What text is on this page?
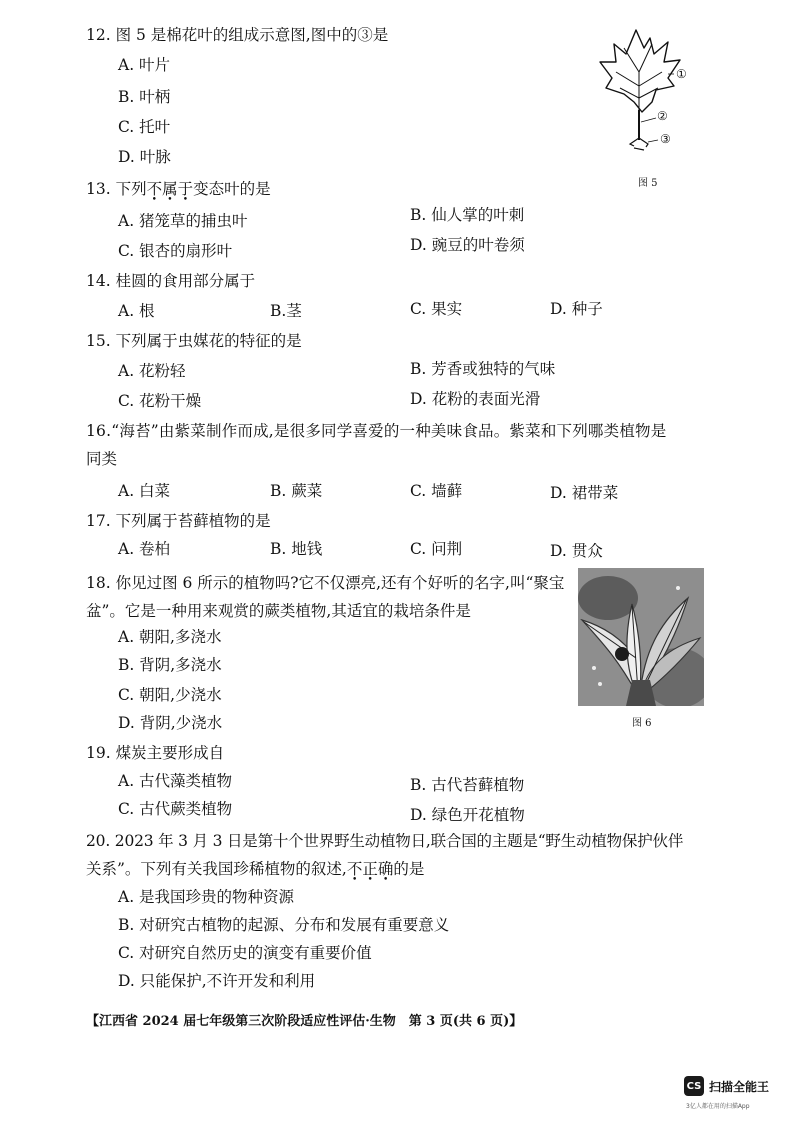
12. 图 5 是棉花叶的组成示意图,图中的③是
A. 叶片
B. 叶柄
C. 托叶
D. 叶脉
①
②
③
图 5
13. 下列不属于变态叶的是
A. 猪笼草的捕虫叶	B. 仙人掌的叶刺
C. 银杏的扇形叶	D. 豌豆的叶卷须
14. 桂圆的食用部分属于
A. 根	B.茎	C. 果实	D. 种子
15. 下列属于虫媒花的特征的是
A. 花粉轻	B. 芳香或独特的气味
C. 花粉干燥	D. 花粉的表面光滑
16.“海苔”由紫菜制作而成,是很多同学喜爱的一种美味食品。紫菜和下列哪类植物是
同类
A. 白菜	B. 蕨菜	C. 墙藓	D. 裙带菜
17. 下列属于苔藓植物的是
A. 卷柏	B. 地钱	C. 问荆	D. 贯众
18. 你见过图 6 所示的植物吗?它不仅漂亮,还有个好听的名字,叫“聚宝
盆”。它是一种用来观赏的蕨类植物,其适宜的栽培条件是
A. 朝阳,多浇水
B. 背阴,多浇水
C. 朝阳,少浇水
D. 背阴,少浇水	图 6
19. 煤炭主要形成自
A. 古代藻类植物	B. 古代苔藓植物
C. 古代蕨类植物	D. 绿色开花植物
20. 2023 年 3 月 3 日是第十个世界野生动植物日,联合国的主题是“野生动植物保护伙伴
关系”。下列有关我国珍稀植物的叙述,不正确的是
A. 是我国珍贵的物种资源
B. 对研究古植物的起源、分布和发展有重要意义
C. 对研究自然历史的演变有重要价值
D. 只能保护,不许开发和利用
【江西省 2024 届七年级第三次阶段适应性评估·生物　第 3 页(共 6 页)】
CS 扫描全能王
3亿人都在用的扫描App
